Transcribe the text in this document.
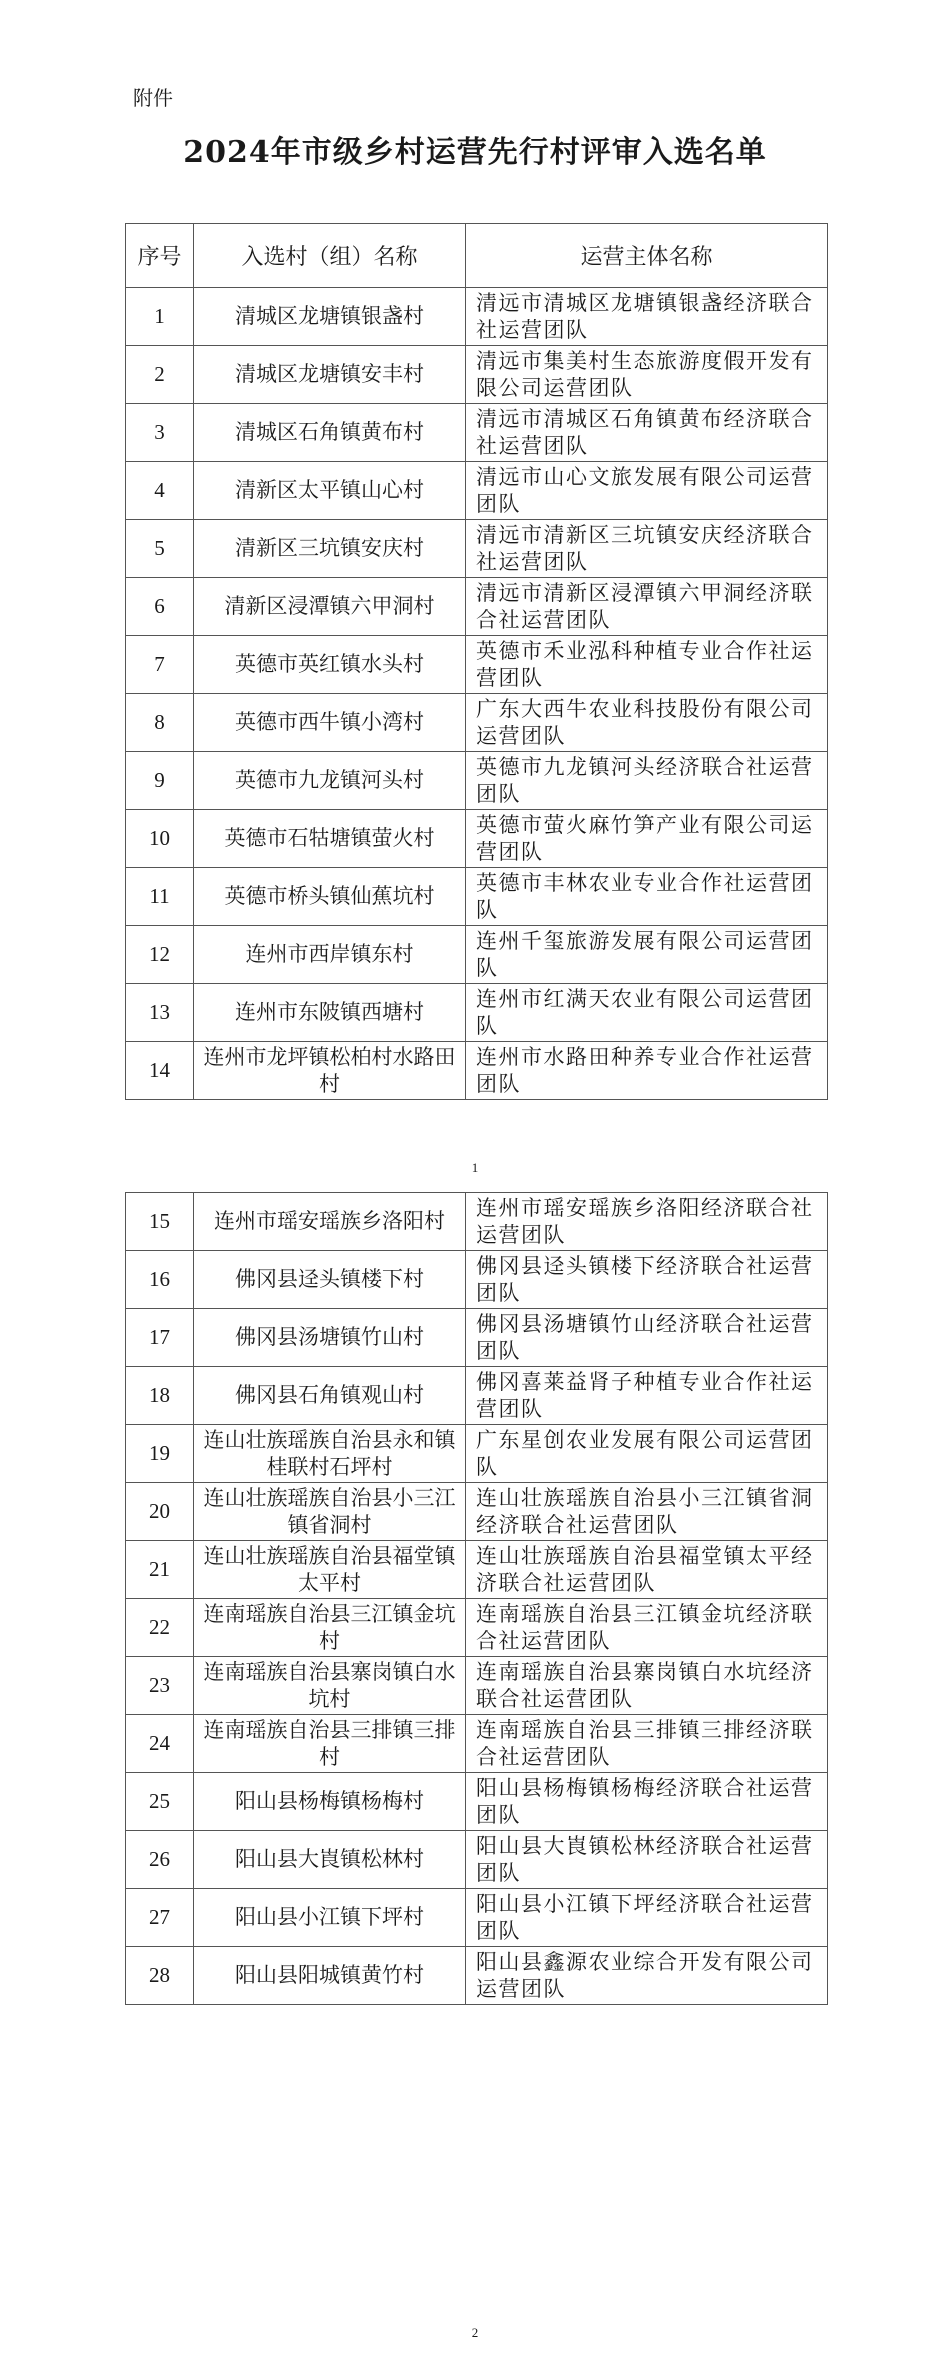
附件
2024年市级乡村运营先行村评审入选名单
序号	入选村（组）名称	运营主体名称
1	清城区龙塘镇银盏村	清远市清城区龙塘镇银盏经济联合社运营团队
2	清城区龙塘镇安丰村	清远市集美村生态旅游度假开发有限公司运营团队
3	清城区石角镇黄布村	清远市清城区石角镇黄布经济联合社运营团队
4	清新区太平镇山心村	清远市山心文旅发展有限公司运营团队
5	清新区三坑镇安庆村	清远市清新区三坑镇安庆经济联合社运营团队
6	清新区浸潭镇六甲洞村	清远市清新区浸潭镇六甲洞经济联合社运营团队
7	英德市英红镇水头村	英德市禾业泓科种植专业合作社运营团队
8	英德市西牛镇小湾村	广东大西牛农业科技股份有限公司运营团队
9	英德市九龙镇河头村	英德市九龙镇河头经济联合社运营团队
10	英德市石牯塘镇萤火村	英德市萤火麻竹笋产业有限公司运营团队
11	英德市桥头镇仙蕉坑村	英德市丰林农业专业合作社运营团队
12	连州市西岸镇东村	连州千玺旅游发展有限公司运营团队
13	连州市东陂镇西塘村	连州市红满天农业有限公司运营团队
14	连州市龙坪镇松柏村水路田村	连州市水路田种养专业合作社运营团队
1
15	连州市瑶安瑶族乡洛阳村	连州市瑶安瑶族乡洛阳经济联合社运营团队
16	佛冈县迳头镇楼下村	佛冈县迳头镇楼下经济联合社运营团队
17	佛冈县汤塘镇竹山村	佛冈县汤塘镇竹山经济联合社运营团队
18	佛冈县石角镇观山村	佛冈喜莱益肾子种植专业合作社运营团队
19	连山壮族瑶族自治县永和镇桂联村石坪村	广东星创农业发展有限公司运营团队
20	连山壮族瑶族自治县小三江镇省洞村	连山壮族瑶族自治县小三江镇省洞经济联合社运营团队
21	连山壮族瑶族自治县福堂镇太平村	连山壮族瑶族自治县福堂镇太平经济联合社运营团队
22	连南瑶族自治县三江镇金坑村	连南瑶族自治县三江镇金坑经济联合社运营团队
23	连南瑶族自治县寨岗镇白水坑村	连南瑶族自治县寨岗镇白水坑经济联合社运营团队
24	连南瑶族自治县三排镇三排村	连南瑶族自治县三排镇三排经济联合社运营团队
25	阳山县杨梅镇杨梅村	阳山县杨梅镇杨梅经济联合社运营团队
26	阳山县大崀镇松林村	阳山县大崀镇松林经济联合社运营团队
27	阳山县小江镇下坪村	阳山县小江镇下坪经济联合社运营团队
28	阳山县阳城镇黄竹村	阳山县鑫源农业综合开发有限公司运营团队
2
